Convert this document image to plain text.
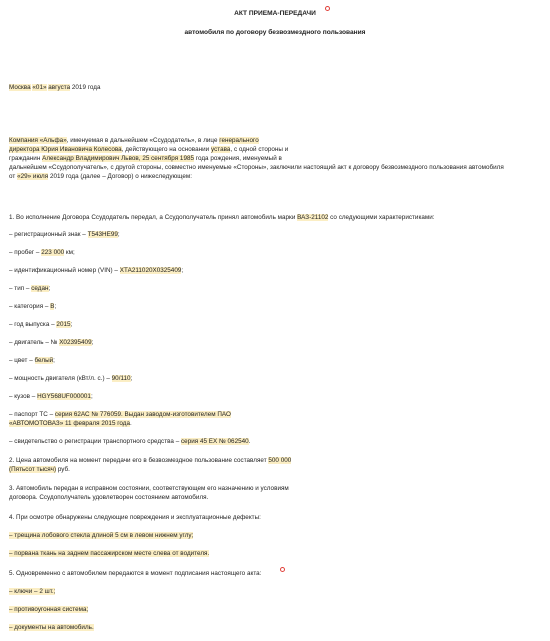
АКТ ПРИЕМА-ПЕРЕДАЧИ
автомобиля по договору безвозмездного пользования
Москва «01» августа 2019 года
Компания «Альфа», именуемая в дальнейшем «Ссудодатель», в лице генерального
директора Юрия Ивановича Колесова, действующего на основании устава, с одной стороны и
гражданин Александр Владимирович Львов, 25 сентября 1985 года рождения, именуемый в
дальнейшем «Ссудополучатель», с другой стороны, совместно именуемые «Стороны», заключили настоящий акт к договору безвозмездного пользования автомобиля
от «29» июля 2019 года (далее – Договор) о нижеследующем:
1. Во исполнение Договора Ссудодатель передал, а Ссудополучатель принял автомобиль марки ВАЗ-21102 со следующими характеристиками:
– регистрационный знак – Т543НЕ99;
– пробег – 223 000 км;
– идентификационный номер (VIN) – ХТА211020Х0325409;
– тип – седан;
– категория – В;
– год выпуска – 2015;
– двигатель – № Х02395409;
– цвет – белый;
– мощность двигателя (кВт/л. с.) – 90/110;
– кузов – HGY568UF000001;
– паспорт ТС – серия 62АС № 776059. Выдан заводом-изготовителем ПАО
«АВТОМОТОВАЗ» 11 февраля 2015 года.
– свидетельство о регистрации транспортного средства – серия 45 ЕХ № 062540.
2. Цена автомобиля на момент передачи его в безвозмездное пользование составляет 500 000
(Пятьсот тысяч) руб.
3. Автомобиль передан в исправном состоянии, соответствующем его назначению и условиям
договора. Ссудополучатель удовлетворен состоянием автомобиля.
4. При осмотре обнаружены следующие повреждения и эксплуатационные дефекты:
– трещина лобового стекла длиной 5 см в левом нижнем углу;
– порвана ткань на заднем пассажирском месте слева от водителя.
5. Одновременно с автомобилем передаются в момент подписания настоящего акта:
– ключи – 2 шт.;
– противоугонная система;
– документы на автомобиль.
